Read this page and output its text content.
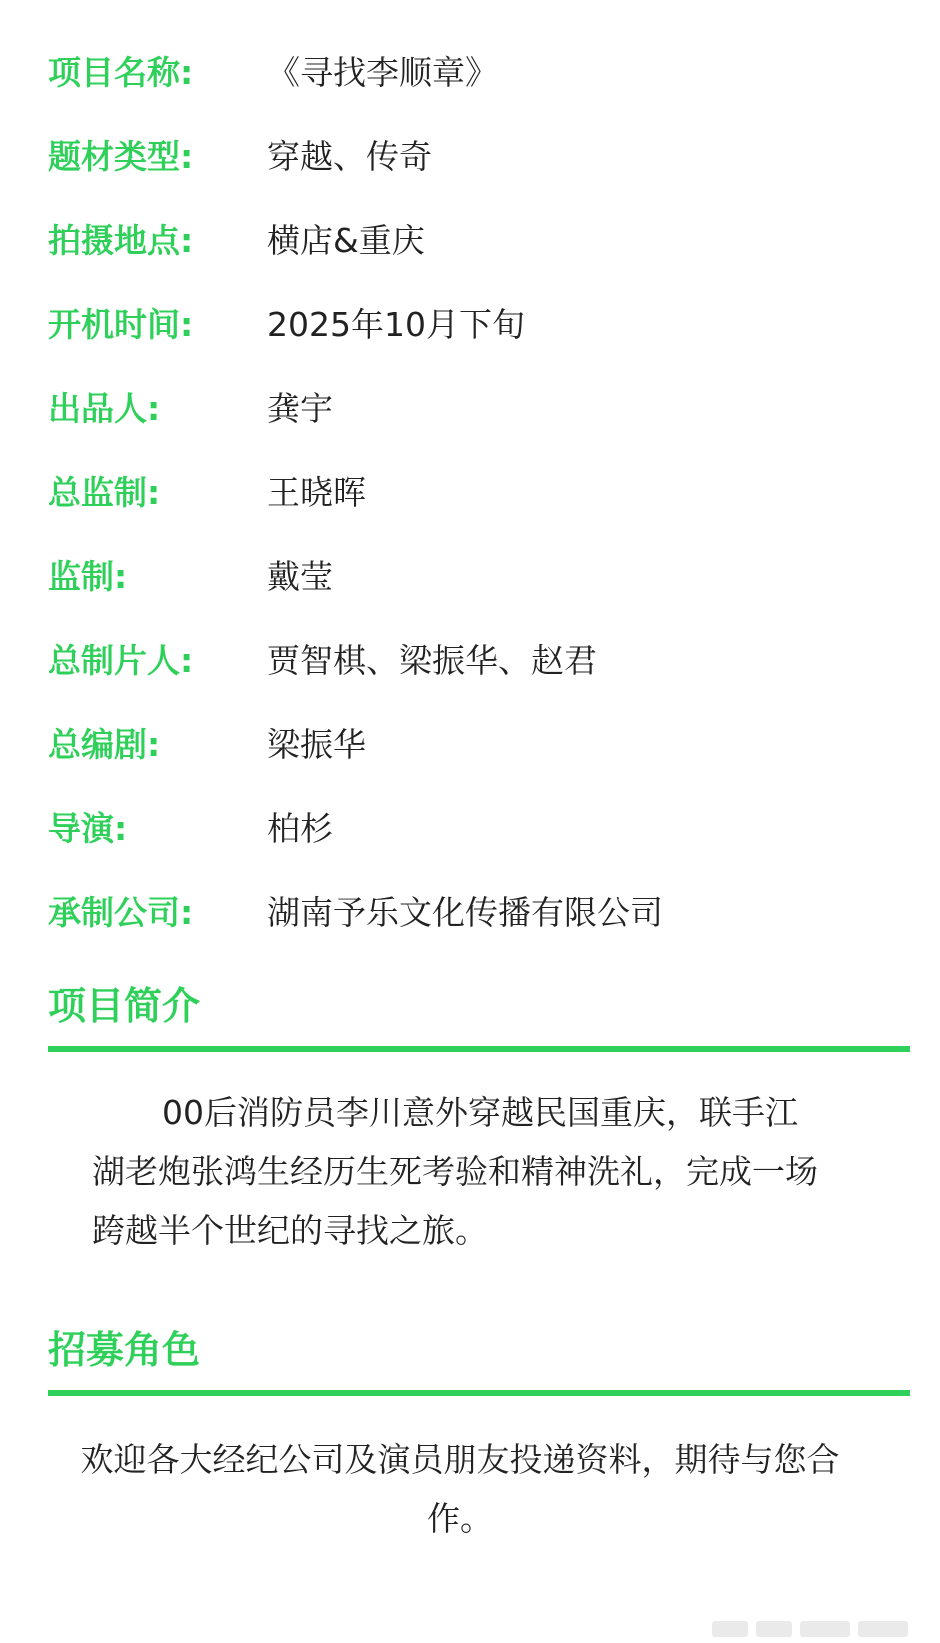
项目名称:	《寻找李顺章》
题材类型:	穿越、传奇
拍摄地点:	横店&重庆
开机时间:	2025年10月下旬
出品人:	龚宇
总监制:	王晓晖
监制:	戴莹
总制片人:	贾智棋、梁振华、赵君
总编剧:	梁振华
导演:	柏杉
承制公司:	湖南予乐文化传播有限公司
项目简介
00后消防员李川意外穿越民国重庆，联手江湖老炮张鸿生经历生死考验和精神洗礼，完成一场跨越半个世纪的寻找之旅。
招募角色
欢迎各大经纪公司及演员朋友投递资料，期待与您合作。
